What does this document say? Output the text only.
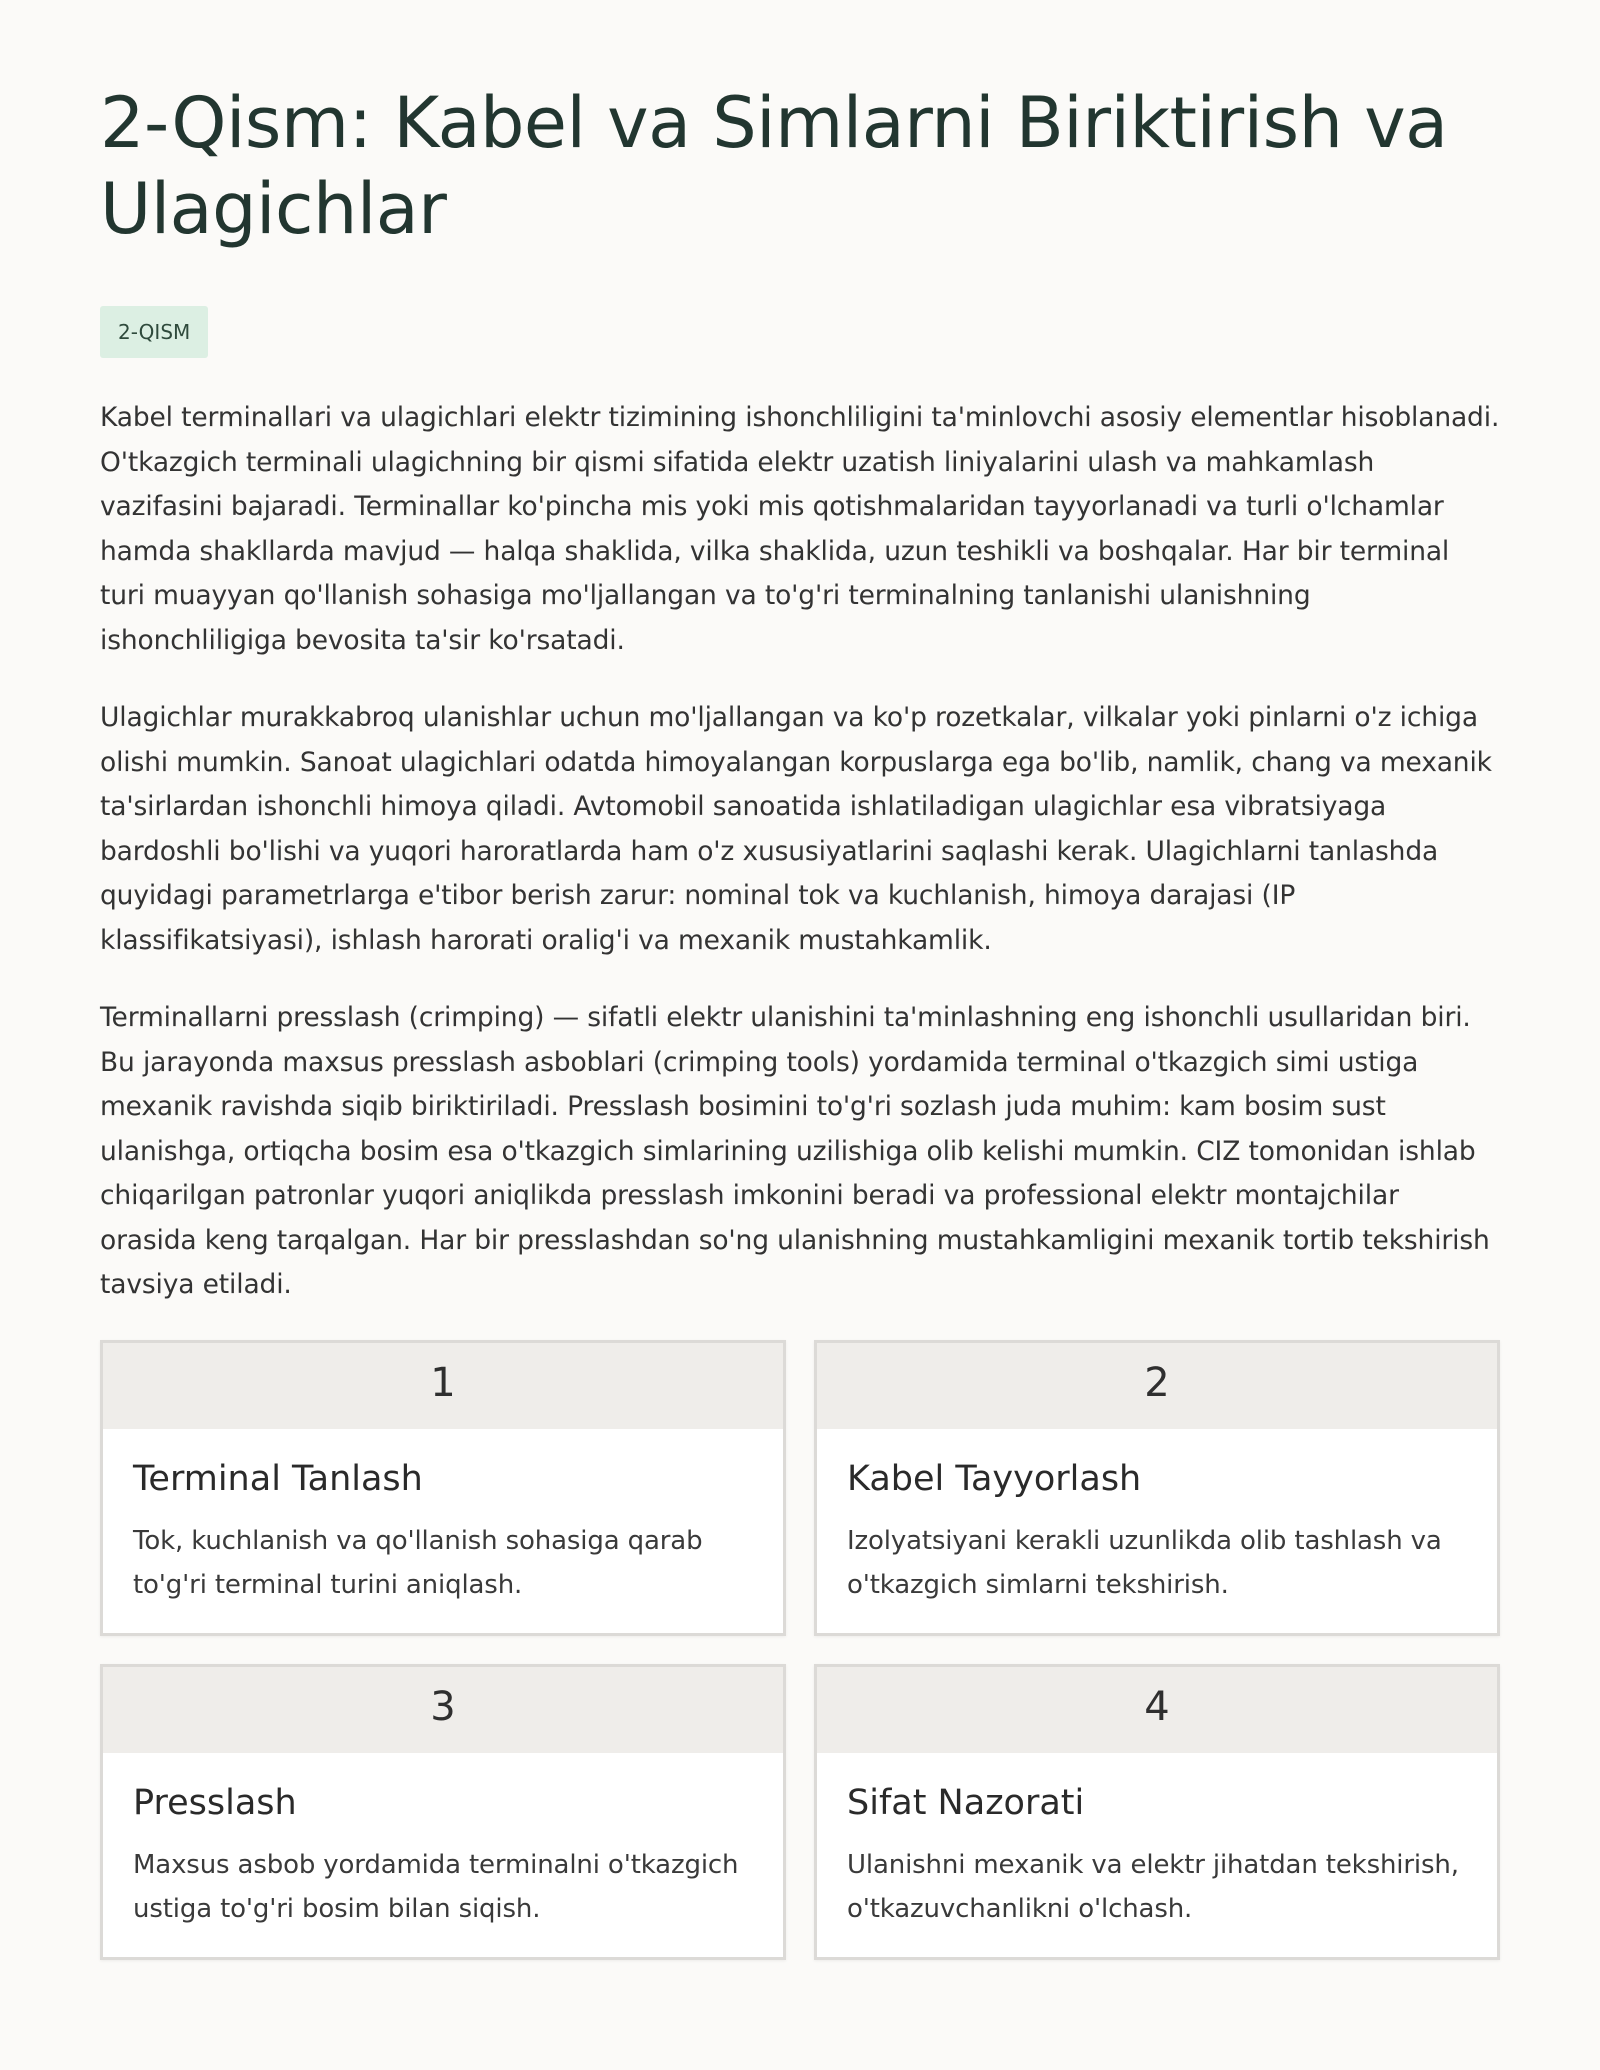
2-Qism: Kabel va Simlarni Biriktirish va Ulagichlar
2-QISM

Kabel terminallari va ulagichlari elektr tizimining ishonchliligini ta'minlovchi asosiy elementlar hisoblanadi. O'tkazgich terminali ulagichning bir qismi sifatida elektr uzatish liniyalarini ulash va mahkamlash vazifasini bajaradi. Terminallar ko'pincha mis yoki mis qotishmalaridan tayyorlanadi va turli o'lchamlar hamda shakllarda mavjud — halqa shaklida, vilka shaklida, uzun teshikli va boshqalar. Har bir terminal turi muayyan qo'llanish sohasiga mo'ljallangan va to'g'ri terminalning tanlanishi ulanishning ishonchliligiga bevosita ta'sir ko'rsatadi.

Ulagichlar murakkabroq ulanishlar uchun mo'ljallangan va ko'p rozetkalar, vilkalar yoki pinlarni o'z ichiga olishi mumkin. Sanoat ulagichlari odatda himoyalangan korpuslarga ega bo'lib, namlik, chang va mexanik ta'sirlardan ishonchli himoya qiladi. Avtomobil sanoatida ishlatiladigan ulagichlar esa vibratsiyaga bardoshli bo'lishi va yuqori haroratlarda ham o'z xususiyatlarini saqlashi kerak. Ulagichlarni tanlashda quyidagi parametrlarga e'tibor berish zarur: nominal tok va kuchlanish, himoya darajasi (IP klassifikatsiyasi), ishlash harorati oralig'i va mexanik mustahkamlik.

Terminallarni presslash (crimping) — sifatli elektr ulanishini ta'minlashning eng ishonchli usullaridan biri. Bu jarayonda maxsus presslash asboblari (crimping tools) yordamida terminal o'tkazgich simi ustiga mexanik ravishda siqib biriktiriladi. Presslash bosimini to'g'ri sozlash juda muhim: kam bosim sust ulanishga, ortiqcha bosim esa o'tkazgich simlarining uzilishiga olib kelishi mumkin. CIZ tomonidan ishlab chiqarilgan patronlar yuqori aniqlikda presslash imkonini beradi va professional elektr montajchilar orasida keng tarqalgan. Har bir presslashdan so'ng ulanishning mustahkamligini mexanik tortib tekshirish tavsiya etiladi.

1
Terminal Tanlash

Tok, kuchlanish va qo'llanish sohasiga qarab to'g'ri terminal turini aniqlash.

2
Kabel Tayyorlash

Izolyatsiyani kerakli uzunlikda olib tashlash va o'tkazgich simlarni tekshirish.

3
Presslash

Maxsus asbob yordamida terminalni o'tkazgich ustiga to'g'ri bosim bilan siqish.

4
Sifat Nazorati

Ulanishni mexanik va elektr jihatdan tekshirish, o'tkazuvchanlikni o'lchash.
